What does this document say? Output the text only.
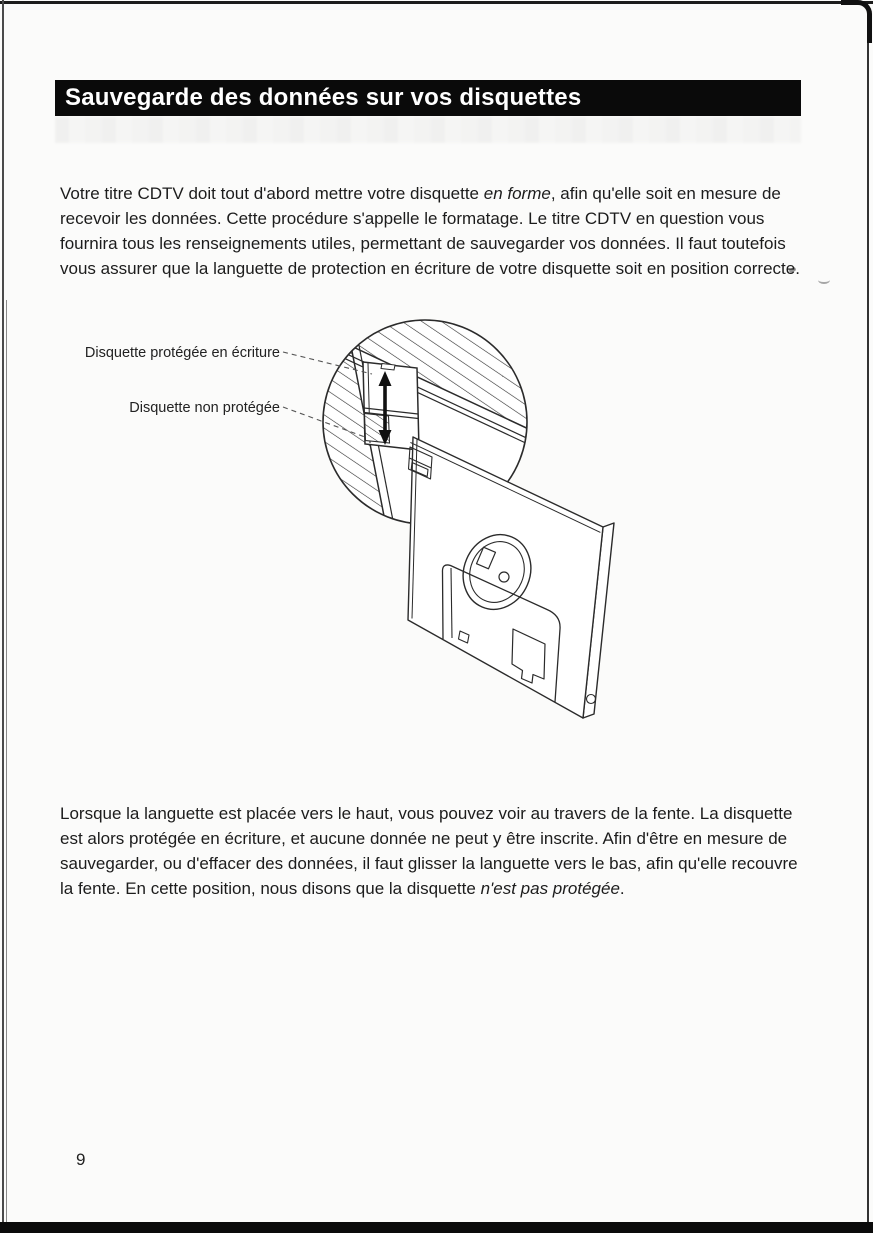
Sauvegarde des données sur vos disquettes

Votre titre CDTV doit tout d'abord mettre votre disquette en forme, afin qu'elle soit en mesure de recevoir les données. Cette procédure s'appelle le formatage. Le titre CDTV en question vous fournira tous les renseignements utiles, permettant de sauvegarder vos données. Il faut toutefois vous assurer que la languette de protection en écriture de votre disquette soit en position correcte.

Disquette protégée en écriture
Disquette non protégée

Lorsque la languette est placée vers le haut, vous pouvez voir au travers de la fente. La disquette est alors protégée en écriture, et aucune donnée ne peut y être inscrite. Afin d'être en mesure de sauvegarder, ou d'effacer des données, il faut glisser la languette vers le bas, afin qu'elle recouvre la fente. En cette position, nous disons que la disquette n'est pas protégée.

9
